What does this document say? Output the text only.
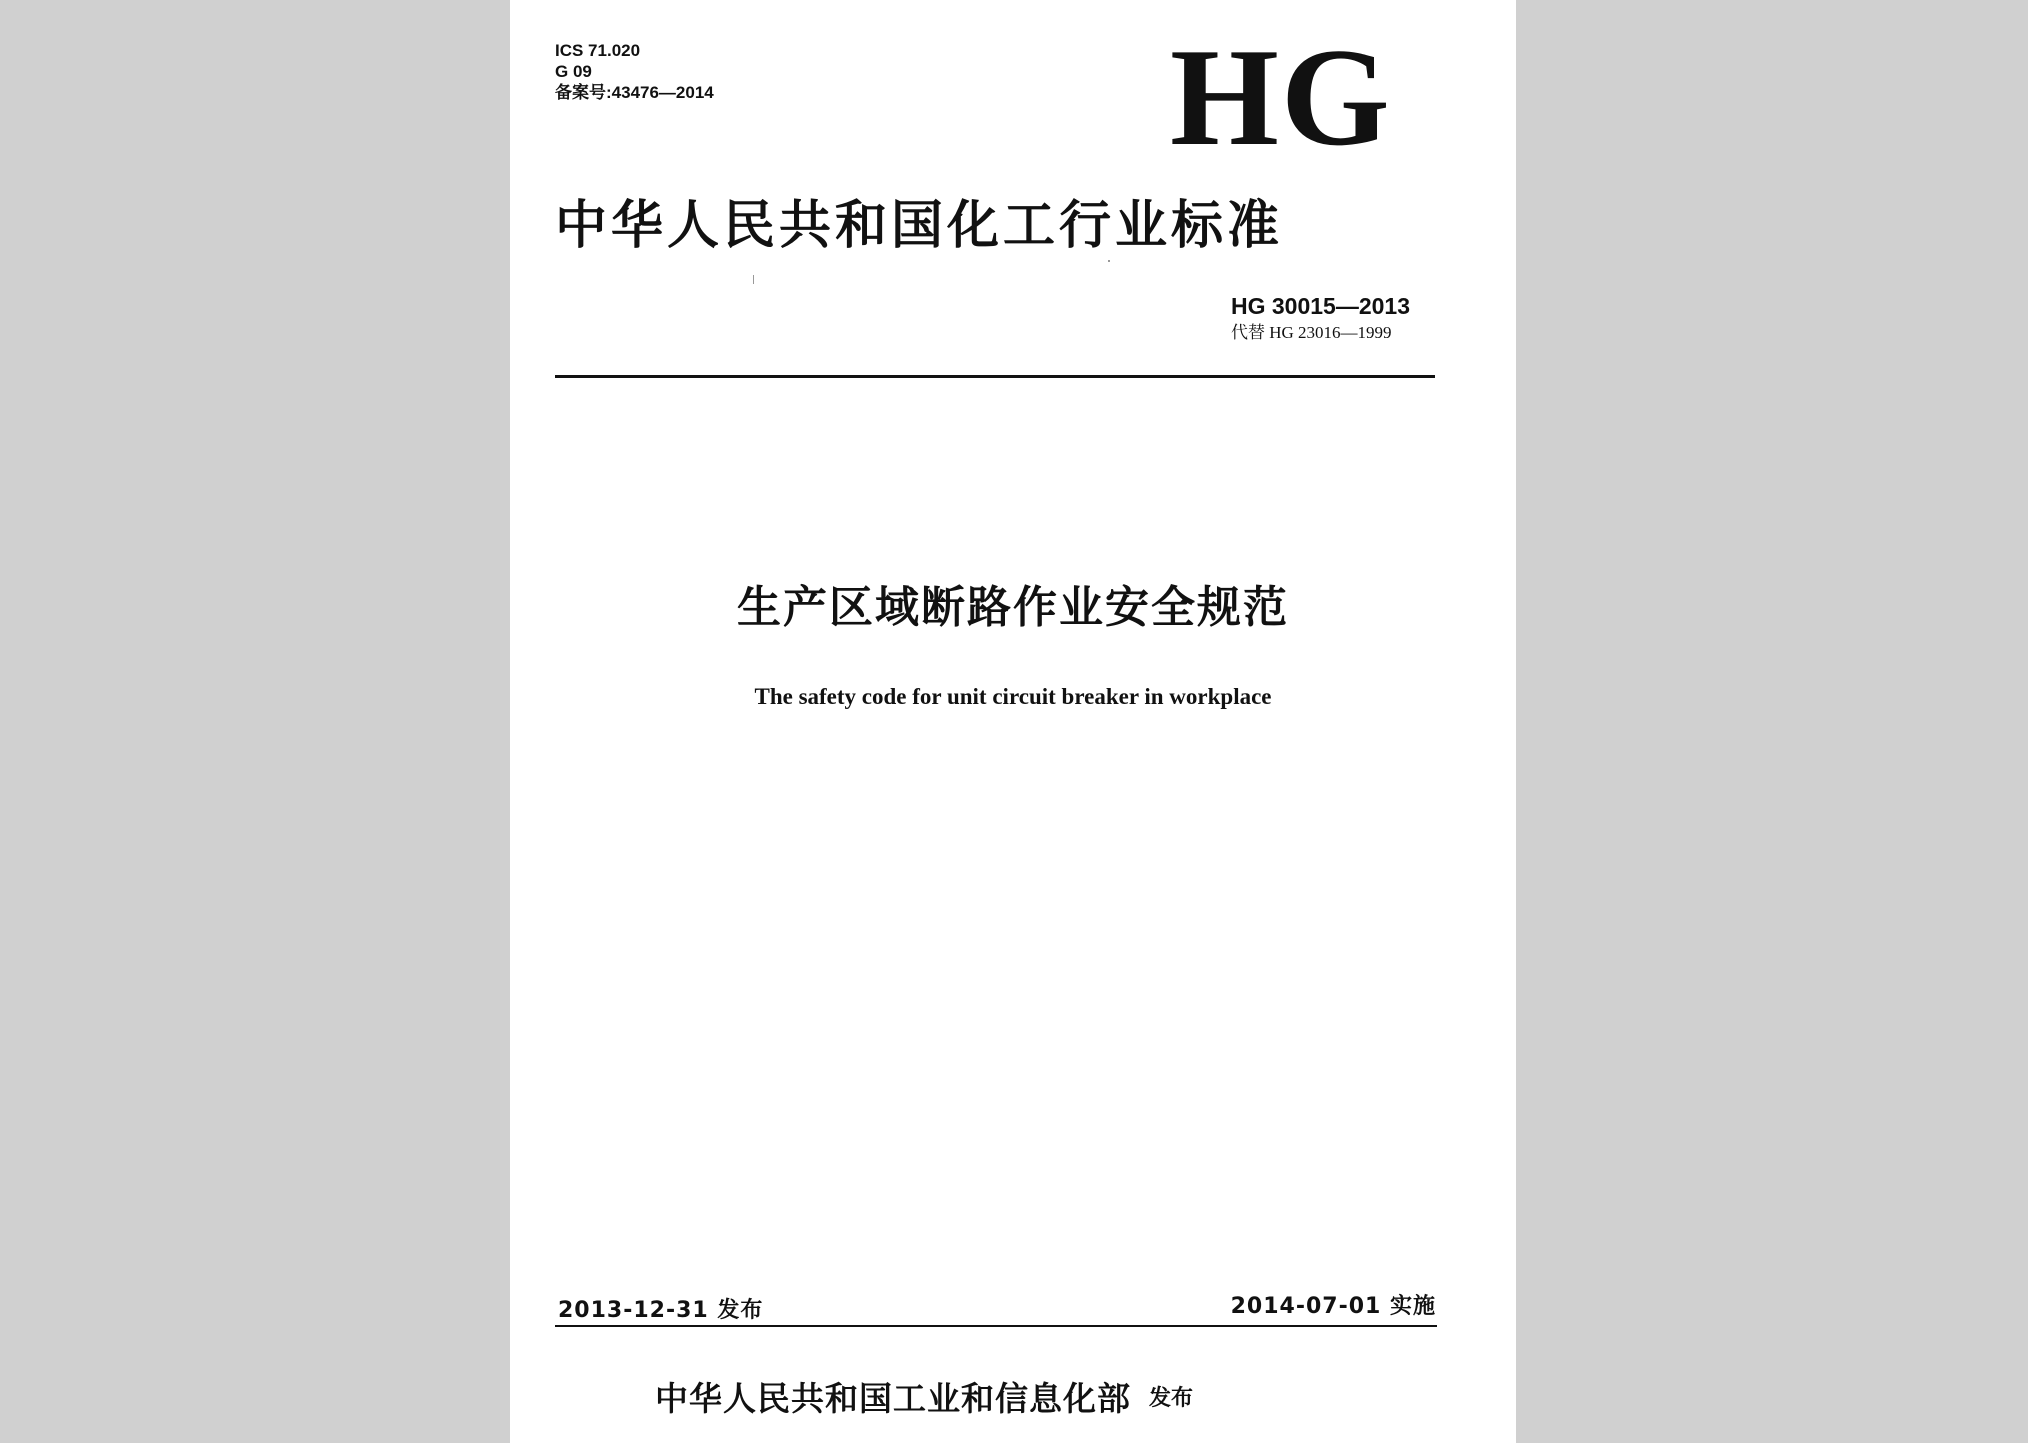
ICS 71.020
G 09
备案号:43476—2014	HG
中华人民共和国化工行业标准
HG 30015—2013
代替 HG 23016—1999
生产区域断路作业安全规范
The safety code for unit circuit breaker in workplace
2013-12-31 发布	2014-07-01 实施
中华人民共和国工业和信息化部 发布
